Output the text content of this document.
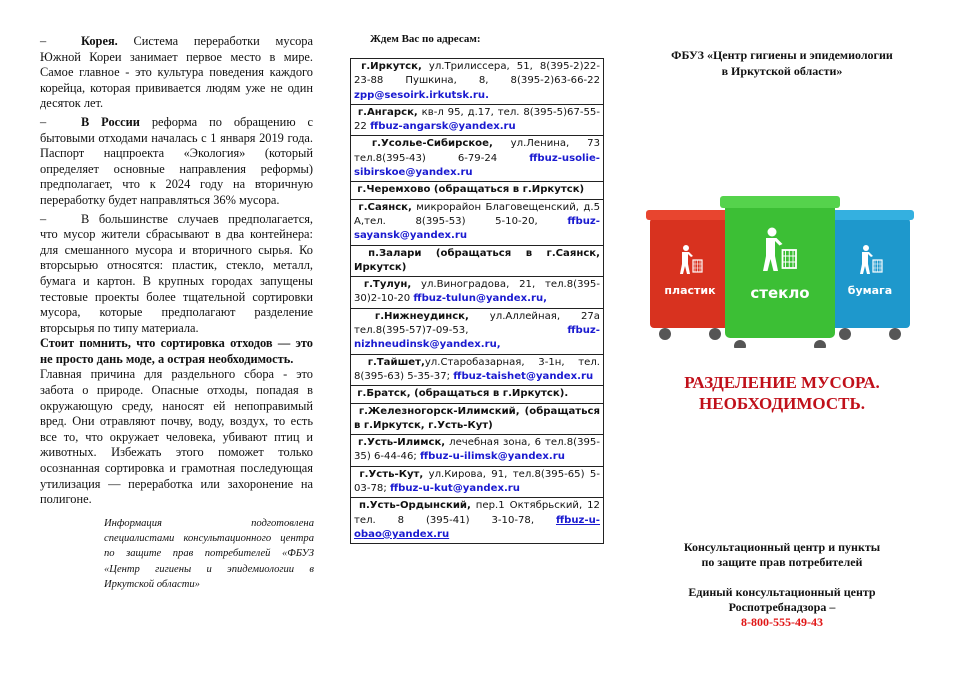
–	Корея. Система переработки мусора Южной Кореи занимает первое место в мире. Самое главное - это культура поведения каждого корейца, которая прививается людям уже не один десяток лет.

–	В России реформа по обращению с бытовыми отходами началась с 1 января 2019 года. Паспорт нацпроекта «Экология» (который определяет основные направления реформы) предполагает, что к 2024 году на вторичную переработку будет направляться 36% мусора.

–	В большинстве случаев предполагается, что мусор жители сбрасывают в два контейнера: для смешанного мусора и вторичного сырья. Ко вторсырью относятся: пластик, стекло, металл, бумага и картон. В крупных городах запущены тестовые проекты более тщательной сортировки мусора, которые предполагают разделение вторсырья по типу материала.

Стоит помнить, что сортировка отходов — это не просто дань моде, а острая необходимость.

Главная причина для раздельного сбора - это забота о природе. Опасные отходы, попадая в окружающую среду, наносят ей непоправимый вред. Они отравляют почву, воду, воздух, то есть все то, что окружает человека, убивают птиц и животных. Избежать этого поможет только осознанная сортировка и грамотная последующая утилизация — переработка или захоронение на полигоне.

Информация	подготовлена
специалистами консультационного центра по защите прав потребителей «ФБУЗ «Центр гигиены и эпидемиологии в Иркутской области»
Ждем Вас по адресам:
г.Иркутск, ул.Трилиссера, 51, 8(395-2)22-23-88 Пушкина, 8, 8(395-2)63-66-22 zpp@sesoirk.irkutsk.ru.
г.Ангарск, кв-л 95, д.17, тел. 8(395-5)67-55-22 ffbuz-angarsk@yandex.ru
г.Усолье-Сибирское, ул.Ленина, 73 тел.8(395-43) 6-79-24 ffbuz-usolie-sibirskoe@yandex.ru
г.Черемхово (обращаться в г.Иркутск)
г.Саянск, микрорайон Благовещенский, д.5 А,тел. 8(395-53) 5-10-20, ffbuz-sayansk@yandex.ru
п.Залари (обращаться в г.Саянск, Иркутск)
г.Тулун, ул.Виноградова, 21, тел.8(395-30)2-10-20 ffbuz-tulun@yandex.ru,
г.Нижнеудинск, ул.Аллейная, 27а тел.8(395-57)7-09-53, ffbuz-nizhneudinsk@yandex.ru,
г.Тайшет,ул.Старобазарная, 3-1н, тел. 8(395-63) 5-35-37; ffbuz-taishet@yandex.ru
г.Братск, (обращаться в г.Иркутск).
г.Железногорск-Илимский, (обращаться в г.Иркутск, г.Усть-Кут)
г.Усть-Илимск, лечебная зона, 6 тел.8(395-35) 6-44-46; ffbuz-u-ilimsk@yandex.ru
г.Усть-Кут, ул.Кирова, 91, тел.8(395-65) 5-03-78; ffbuz-u-kut@yandex.ru
п.Усть-Ордынский, пер.1 Октябрьский, 12 тел. 8 (395-41) 3-10-78, ffbuz-u-obao@yandex.ru
ФБУЗ «Центр гигиены и эпидемиологии
в Иркутской области»
пластик	бумага
стекло
РАЗДЕЛЕНИЕ МУСОРА.
НЕОБХОДИМОСТЬ.
Консультационный центр и пункты
по защите прав потребителей
Единый консультационный центр
Роспотребнадзора –
8-800-555-49-43
